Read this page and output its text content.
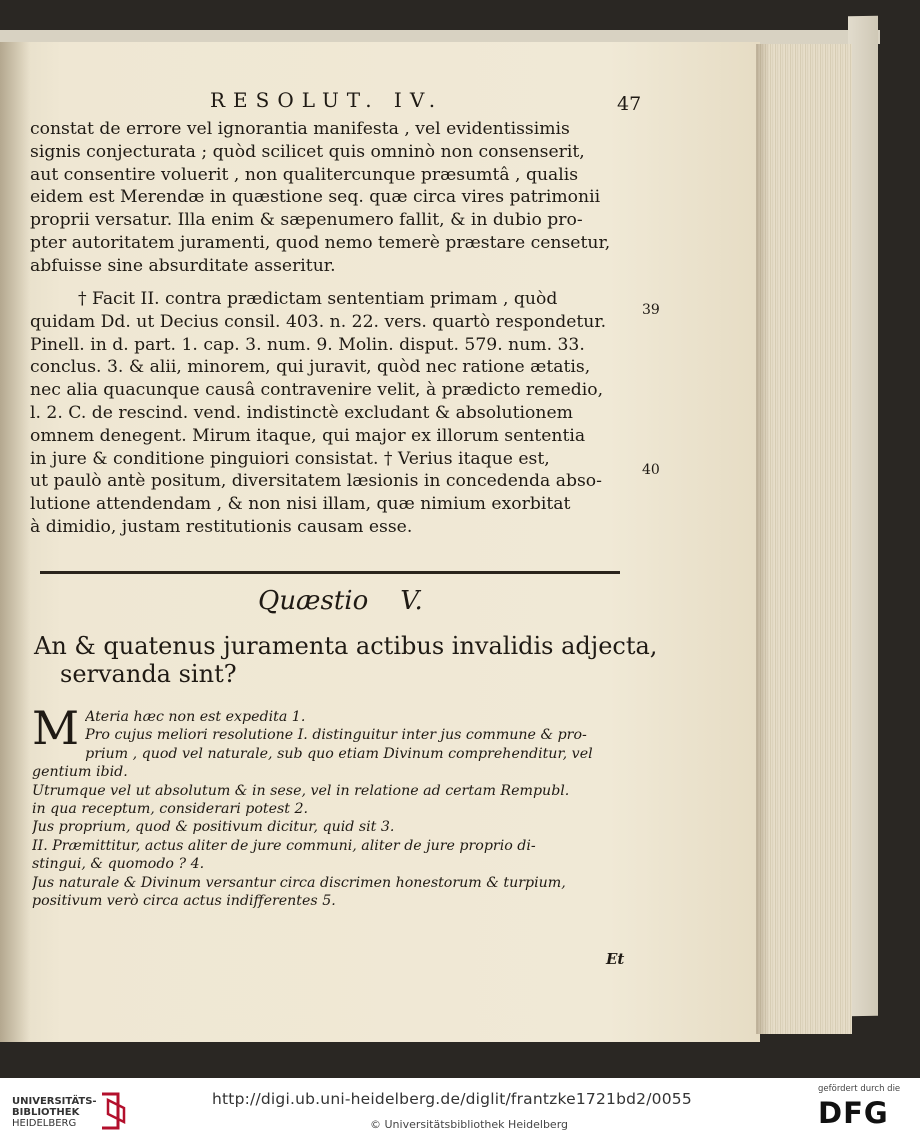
RESOLUT. IV.	47
constat de errore vel ignorantia manifesta , vel evidentissimis
signis conjecturata ; quòd scilicet quis omninò non consenserit,
aut consentire voluerit , non qualitercunque præsumtâ , qualis
eidem est Merendæ in quæstione seq. quæ circa vires patrimonii
proprii versatur. Illa enim & sæpenumero fallit, & in dubio pro-
pter autoritatem juramenti, quod nemo temerè præstare censetur,
abfuisse sine absurditate asseritur.
† Facit II. contra prædictam sententiam primam , quòd
quidam Dd. ut Decius consil. 403. n. 22. vers. quartò respondetur.
Pinell. in d. part. 1. cap. 3. num. 9. Molin. disput. 579. num. 33.
conclus. 3. & alii, minorem, qui juravit, quòd nec ratione ætatis,
nec alia quacunque causâ contravenire velit, à prædicto remedio,
l. 2. C. de rescind. vend. indistinctè excludant & absolutionem
omnem denegent. Mirum itaque, qui major ex illorum sententia
in jure & conditione pinguiori consistat. † Verius itaque est,
ut paulò antè positum, diversitatem læsionis in concedenda abso-
lutione attendendam , & non nisi illam, quæ nimium exorbitat
à dimidio, justam restitutionis causam esse.
39
40
Quæstio V.
An & quatenus juramenta actibus invalidis adjecta,
servanda sint?
M Ateria hæc non est expedita 1.
Pro cujus meliori resolutione I. distinguitur inter jus commune & pro-
prium , quod vel naturale, sub quo etiam Divinum comprehenditur, vel
gentium ibid.
Utrumque vel ut absolutum & in sese, vel in relatione ad certam Rempubl.
in qua receptum, considerari potest 2.
Jus proprium, quod & positivum dicitur, quid sit 3.
II. Præmittitur, actus aliter de jure communi, aliter de jure proprio di-
stingui, & quomodo ? 4.
Jus naturale & Divinum versantur circa discrimen honestorum & turpium,
positivum verò circa actus indifferentes 5.
Et
UNIVERSITÄTS-
BIBLIOTHEK
HEIDELBERG
http://digi.ub.uni-heidelberg.de/diglit/frantzke1721bd2/0055
© Universitätsbibliothek Heidelberg
gefördert durch die
DFG
